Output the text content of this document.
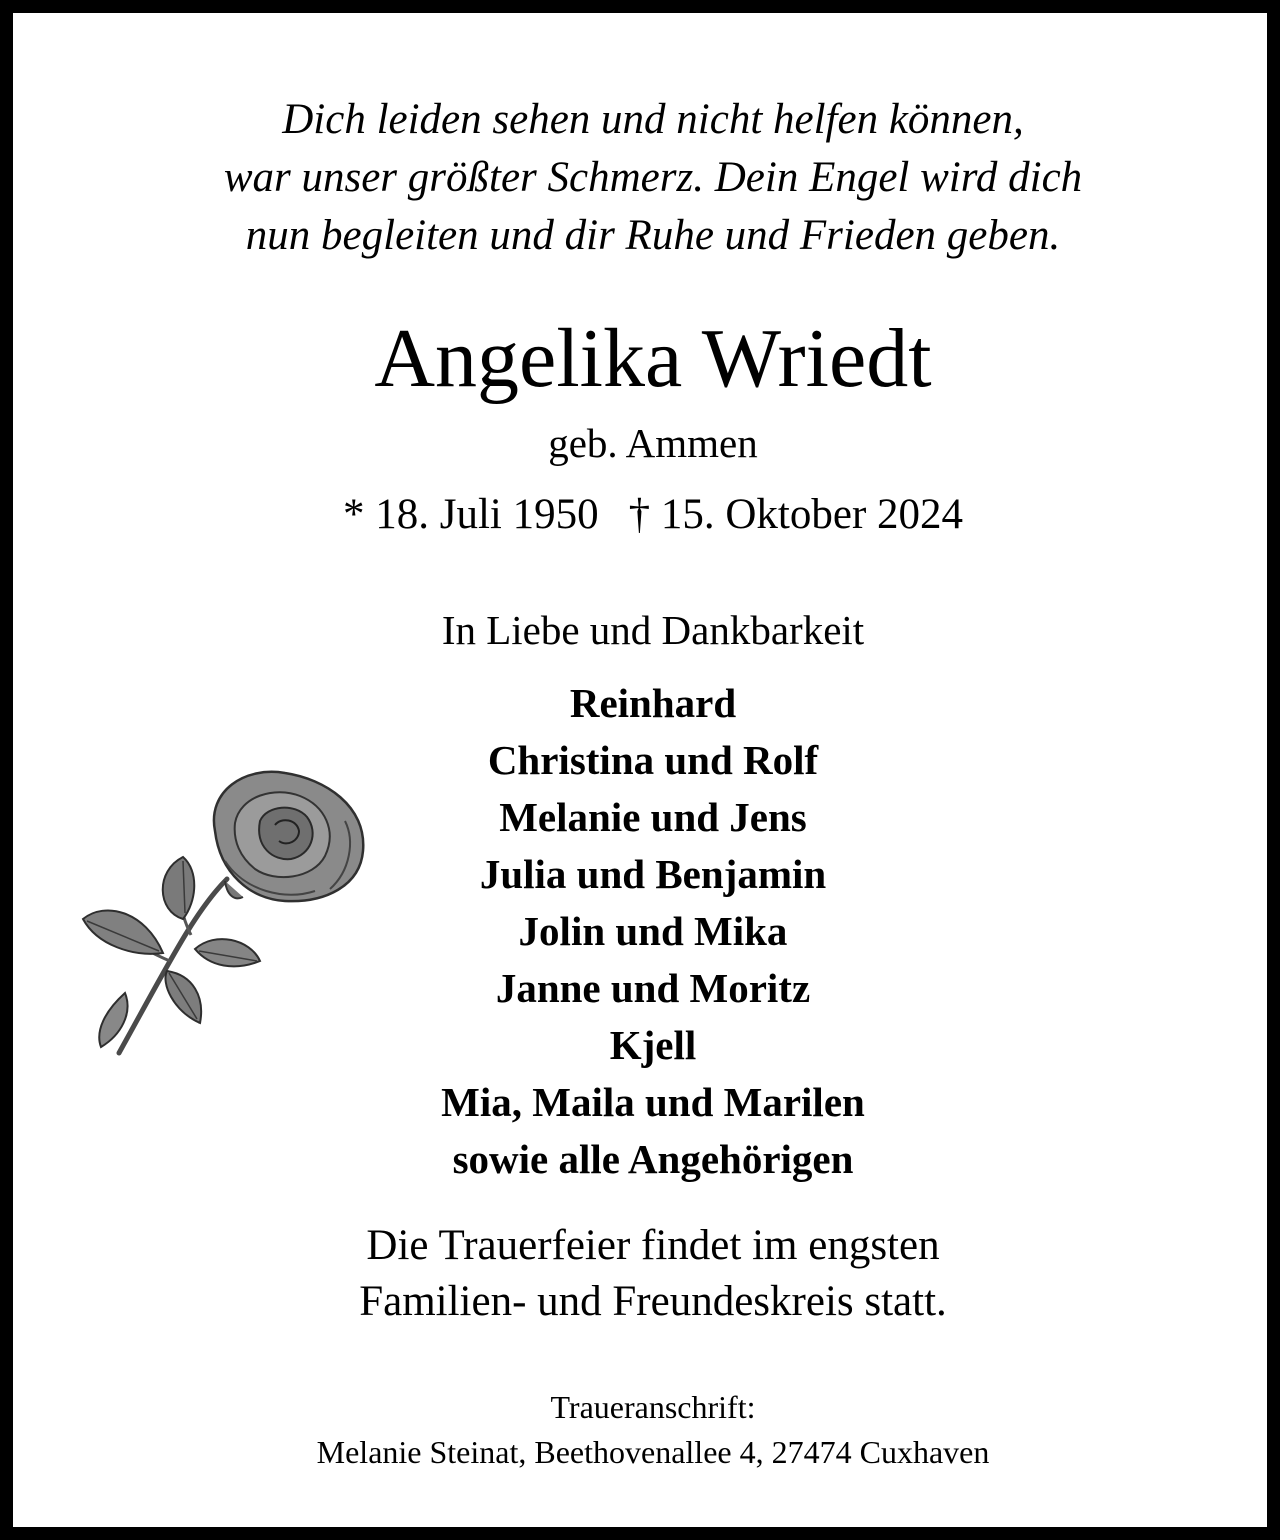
Dich leiden sehen und nicht helfen können,
war unser größter Schmerz. Dein Engel wird dich
nun begleiten und dir Ruhe und Frieden geben.
Angelika Wriedt
geb. Ammen
* 18. Juli 1950 † 15. Oktober 2024
In Liebe und Dankbarkeit
Reinhard
Christina und Rolf
Melanie und Jens
Julia und Benjamin
Jolin und Mika
Janne und Moritz
Kjell
Mia, Maila und Marilen
sowie alle Angehörigen
Die Trauerfeier findet im engsten
Familien- und Freundeskreis statt.
Traueranschrift:
Melanie Steinat, Beethovenallee 4, 27474 Cuxhaven
